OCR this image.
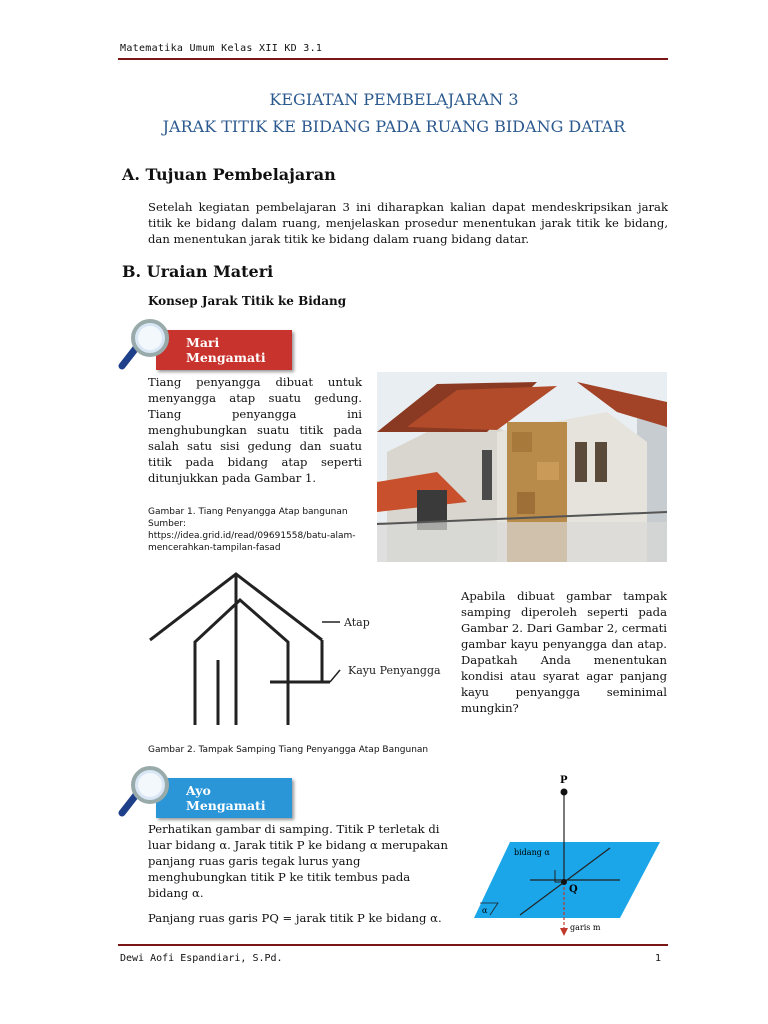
Matematika Umum Kelas XII KD 3.1
KEGIATAN PEMBELAJARAN 3
JARAK TITIK KE BIDANG PADA RUANG BIDANG DATAR
A. Tujuan Pembelajaran
Setelah kegiatan pembelajaran 3 ini diharapkan kalian dapat mendeskripsikan jarak titik ke bidang dalam ruang, menjelaskan prosedur menentukan jarak titik ke bidang, dan menentukan jarak titik ke bidang dalam ruang bidang datar.
B. Uraian Materi
Konsep Jarak Titik ke Bidang
Mari Mengamati
Tiang penyangga dibuat untuk menyangga atap suatu gedung. Tiang penyangga ini menghubungkan suatu titik pada salah satu sisi gedung dan suatu titik pada bidang atap seperti ditunjukkan pada Gambar 1.
Gambar 1. Tiang Penyangga Atap bangunan
Sumber:
https://idea.grid.id/read/09691558/batu-alam-mencerahkan-tampilan-fasad
Atap
Kayu Penyangga
Apabila dibuat gambar tampak samping diperoleh seperti pada Gambar 2. Dari Gambar 2, cermati gambar kayu penyangga dan atap. Dapatkah Anda menentukan kondisi atau syarat agar panjang kayu penyangga seminimal mungkin?
Gambar 2. Tampak Samping Tiang Penyangga Atap Bangunan
Ayo Mengamati
Perhatikan gambar di samping. Titik P terletak di luar bidang α. Jarak titik P ke bidang α merupakan panjang ruas garis tegak lurus yang menghubungkan titik P ke titik tembus pada bidang α.
Panjang ruas garis PQ = jarak titik P ke bidang α.
P
Q
bidang α
α
garis m
Dewi Aofi Espandiari, S.Pd.	1
